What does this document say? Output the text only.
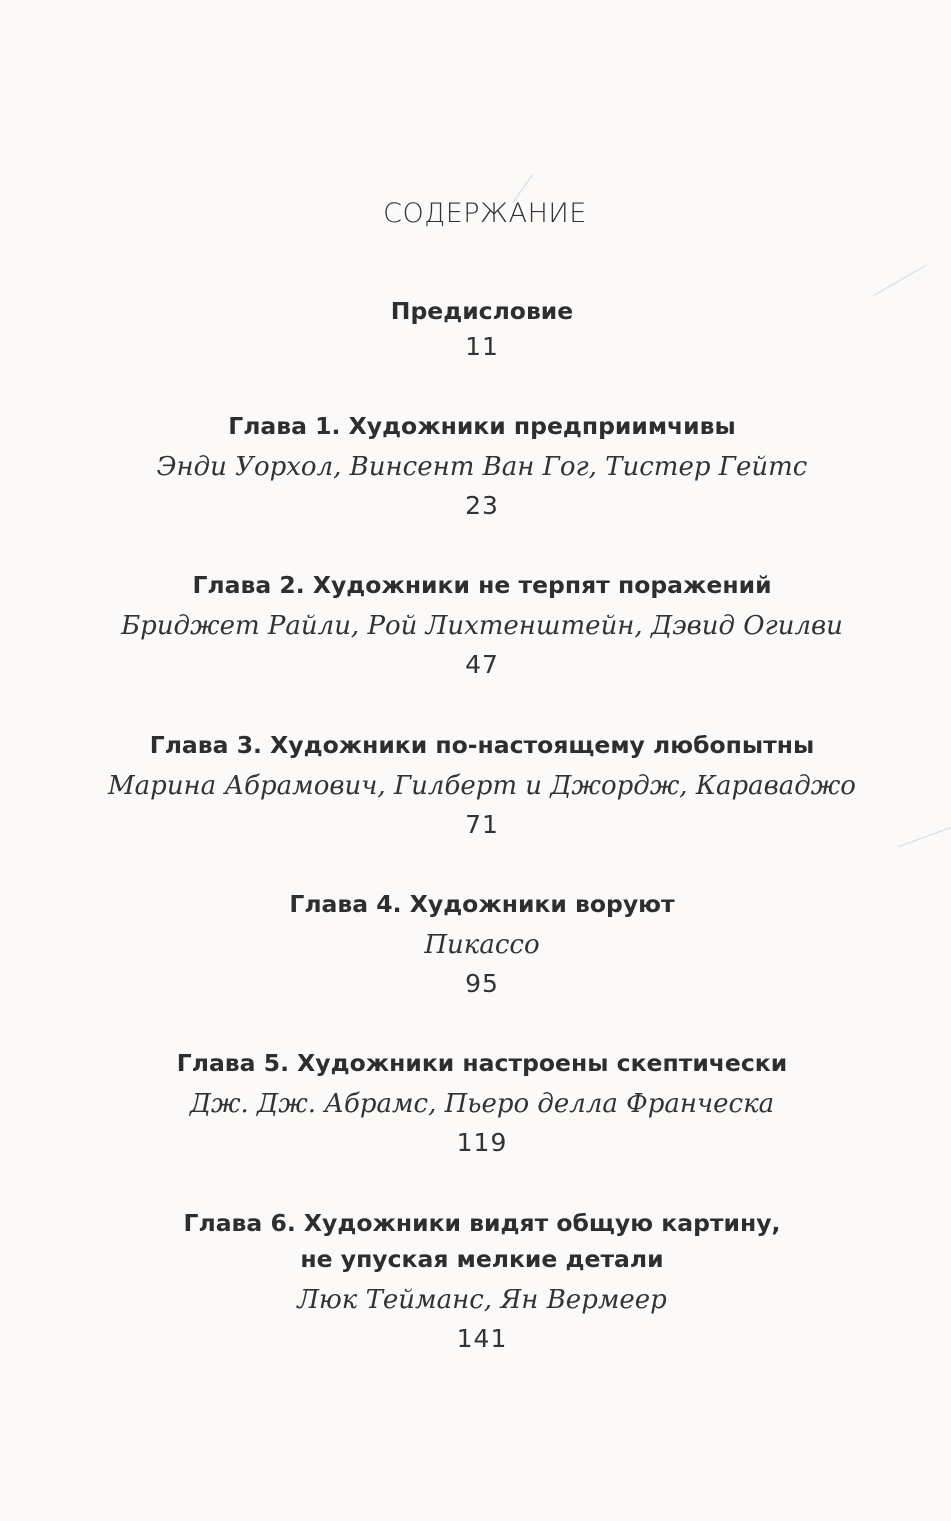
СОДЕРЖАНИЕ
Предисловие
11
Глава 1. Художники предприимчивы
Энди Уорхол, Винсент Ван Гог, Тистер Гейтс
23
Глава 2. Художники не терпят поражений
Бриджет Райли, Рой Лихтенштейн, Дэвид Огилви
47
Глава 3. Художники по-настоящему любопытны
Марина Абрамович, Гилберт и Джордж, Караваджо
71
Глава 4. Художники воруют
Пикассо
95
Глава 5. Художники настроены скептически
Дж. Дж. Абрамс, Пьеро делла Франческа
119
Глава 6. Художники видят общую картину,
не упуская мелкие детали
Люк Теймaнс, Ян Вермеер
141
